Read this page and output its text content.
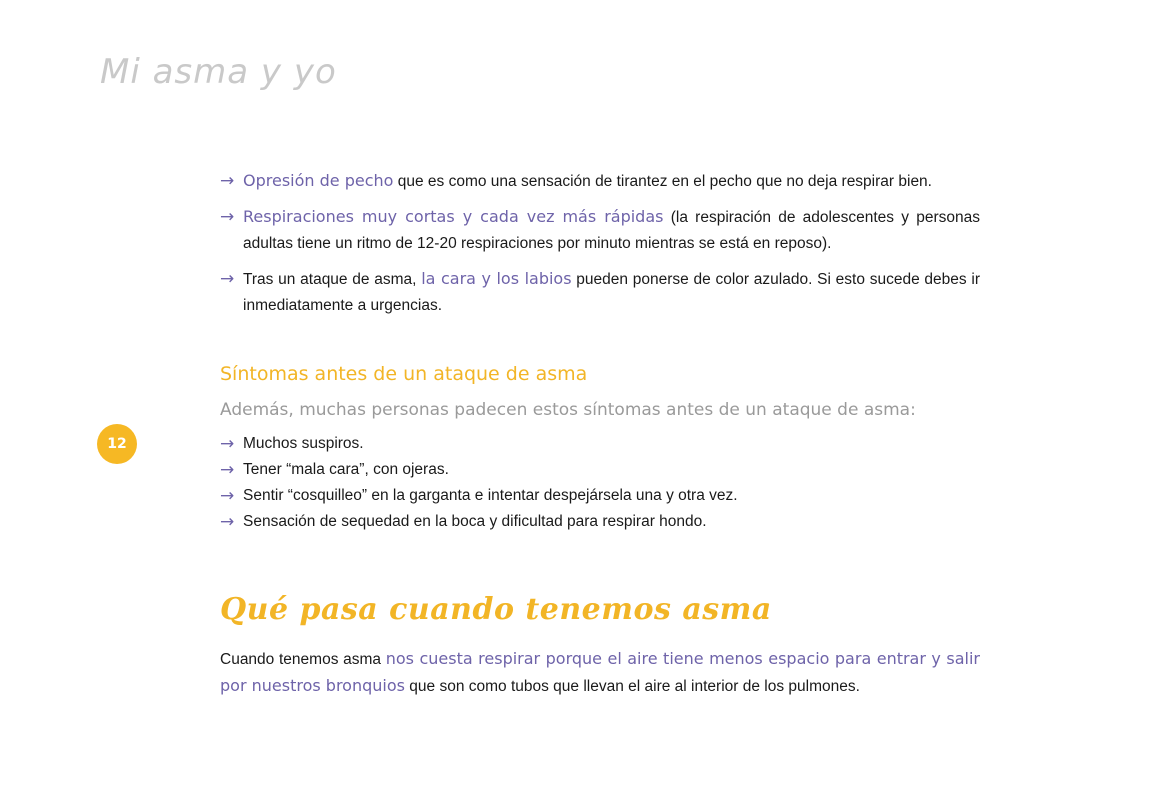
Mi asma y yo
12
→ Opresión de pecho que es como una sensación de tirantez en el pecho que no deja respirar bien.
→ Respiraciones muy cortas y cada vez más rápidas (la respiración de adolescentes y personas adultas tiene un ritmo de 12-20 respiraciones por minuto mientras se está en reposo).
→ Tras un ataque de asma, la cara y los labios pueden ponerse de color azulado. Si esto sucede debes ir inmediatamente a urgencias.
Síntomas antes de un ataque de asma
Además, muchas personas padecen estos síntomas antes de un ataque de asma:
→ Muchos suspiros.
→ Tener “mala cara”, con ojeras.
→ Sentir “cosquilleo” en la garganta e intentar despejársela una y otra vez.
→ Sensación de sequedad en la boca y dificultad para respirar hondo.
Qué pasa cuando tenemos asma
Cuando tenemos asma nos cuesta respirar porque el aire tiene menos espacio para entrar y salir por nuestros bronquios que son como tubos que llevan el aire al interior de los pulmones.
